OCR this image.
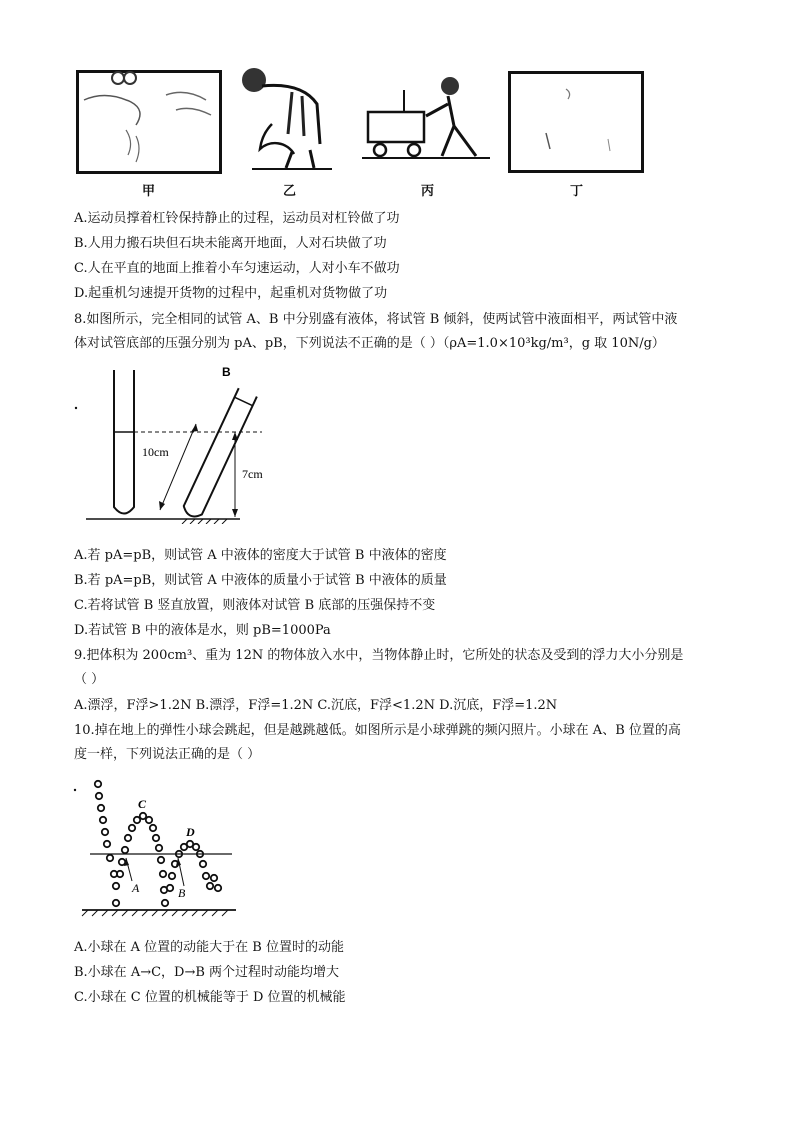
甲	乙	丙	丁
A.运动员撑着杠铃保持静止的过程，运动员对杠铃做了功
B.人用力搬石块但石块未能离开地面，人对石块做了功
C.人在平直的地面上推着小车匀速运动，人对小车不做功
D.起重机匀速提开货物的过程中，起重机对货物做了功
8.如图所示，完全相同的试管 A、B 中分别盛有液体，将试管 B 倾斜，使两试管中液面相平，两试管中液
体对试管底部的压强分别为 pA、pB，下列说法不正确的是（ ）（ρA=1.0×10³kg/m³，g 取 10N/g）
B
10cm
7cm
A.若 pA=pB，则试管 A 中液体的密度大于试管 B 中液体的密度
B.若 pA=pB，则试管 A 中液体的质量小于试管 B 中液体的质量
C.若将试管 B 竖直放置，则液体对试管 B 底部的压强保持不变
D.若试管 B 中的液体是水，则 pB=1000Pa
9.把体积为 200cm³、重为 12N 的物体放入水中，当物体静止时，它所处的状态及受到的浮力大小分别是
（ ）
A.漂浮，F浮>1.2N B.漂浮，F浮=1.2N C.沉底，F浮<1.2N D.沉底，F浮=1.2N
10.掉在地上的弹性小球会跳起，但是越跳越低。如图所示是小球弹跳的频闪照片。小球在 A、B 位置的高
度一样，下列说法正确的是（ ）
A	B
C
D
A.小球在 A 位置的动能大于在 B 位置时的动能
B.小球在 A→C，D→B 两个过程时动能均增大
C.小球在 C 位置的机械能等于 D 位置的机械能
